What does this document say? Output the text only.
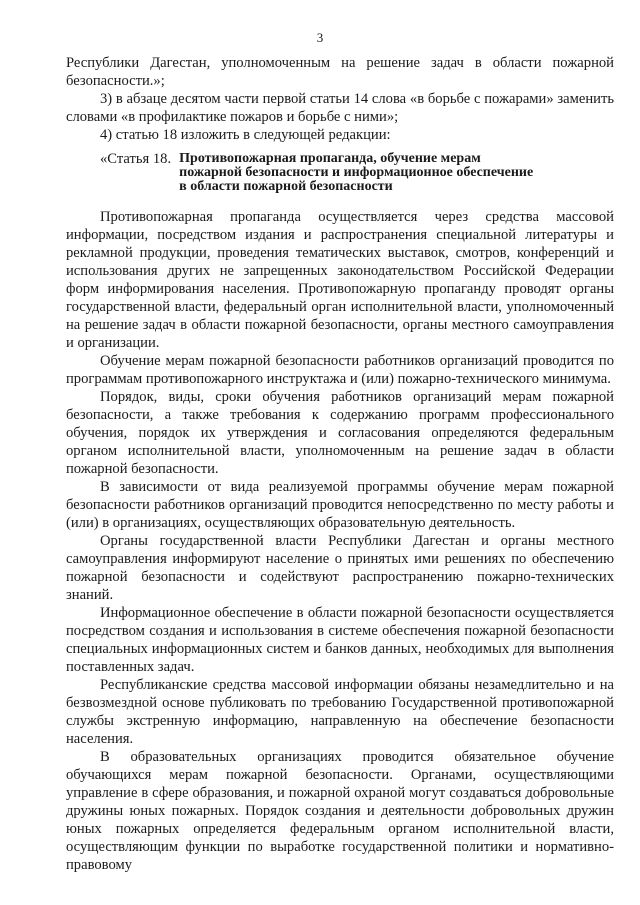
3

Республики Дагестан, уполномоченным на решение задач в области пожарной безопасности.»;

3) в абзаце десятом части первой статьи 14 слова «в борьбе с пожарами» заменить словами «в профилактике пожаров и борьбе с ними»;

4) статью 18 изложить в следующей редакции:

«Статья 18. Противопожарная пропаганда, обучение мерам
пожарной безопасности и информационное обеспечение
в области пожарной безопасности

Противопожарная пропаганда осуществляется через средства массовой информации, посредством издания и распространения специальной литературы и рекламной продукции, проведения тематических выставок, смотров, конференций и использования других не запрещенных законодательством Российской Федерации форм информирования населения. Противопожарную пропаганду проводят органы государственной власти, федеральный орган исполнительной власти, уполномоченный на решение задач в области пожарной безопасности, органы местного самоуправления и организации.

Обучение мерам пожарной безопасности работников организаций проводится по программам противопожарного инструктажа и (или) пожарно-технического минимума.

Порядок, виды, сроки обучения работников организаций мерам пожарной безопасности, а также требования к содержанию программ профессионального обучения, порядок их утверждения и согласования определяются федеральным органом исполнительной власти, уполномоченным на решение задач в области пожарной безопасности.

В зависимости от вида реализуемой программы обучение мерам пожарной безопасности работников организаций проводится непосредственно по месту работы и (или) в организациях, осуществляющих образовательную деятельность.

Органы государственной власти Республики Дагестан и органы местного самоуправления информируют население о принятых ими решениях по обеспечению пожарной безопасности и содействуют распространению пожарно-технических знаний.

Информационное обеспечение в области пожарной безопасности осуществляется посредством создания и использования в системе обеспечения пожарной безопасности специальных информационных систем и банков данных, необходимых для выполнения поставленных задач.

Республиканские средства массовой информации обязаны незамедлительно и на безвозмездной основе публиковать по требованию Государственной противопожарной службы экстренную информацию, направленную на обеспечение безопасности населения.

В образовательных организациях проводится обязательное обучение обучающихся мерам пожарной безопасности. Органами, осуществляющими управление в сфере образования, и пожарной охраной могут создаваться добровольные дружины юных пожарных. Порядок создания и деятельности добровольных дружин юных пожарных определяется федеральным органом исполнительной власти, осуществляющим функции по выработке государственной политики и нормативно-правовому
